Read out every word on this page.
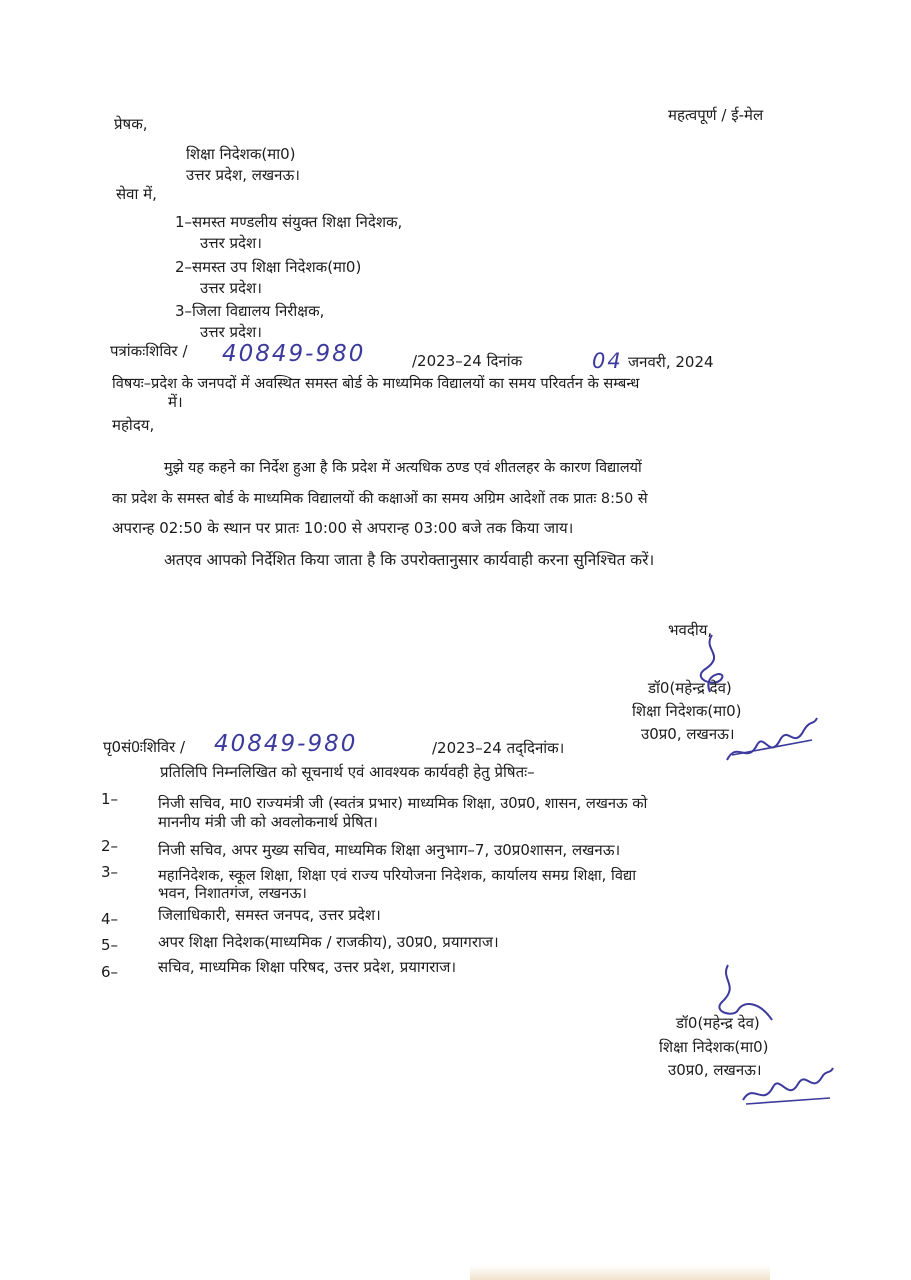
महत्वपूर्ण / ई-मेल
प्रेषक,
शिक्षा निदेशक(मा0)
उत्तर प्रदेश, लखनऊ।
सेवा में,
1–समस्त मण्डलीय संयुक्त शिक्षा निदेशक,
उत्तर प्रदेश।
2–समस्त उप शिक्षा निदेशक(मा0)
उत्तर प्रदेश।
3–जिला विद्यालय निरीक्षक,
उत्तर प्रदेश।
पत्रांकःशिविर / 40849-980	/2023–24 दिनांक	04 जनवरी, 2024
विषयः–प्रदेश के जनपदों में अवस्थित समस्त बोर्ड के माध्यमिक विद्यालयों का समय परिवर्तन के सम्बन्ध
में।
महोदय,
मुझे यह कहने का निर्देश हुआ है कि प्रदेश में अत्यधिक ठण्ड एवं शीतलहर के कारण विद्यालयों
का प्रदेश के समस्त बोर्ड के माध्यमिक विद्यालयों की कक्षाओं का समय अग्रिम आदेशों तक प्रातः 8:50 से
अपरान्ह 02:50 के स्थान पर प्रातः 10:00 से अपरान्ह 03:00 बजे तक किया जाय।
अतएव आपको निर्देशित किया जाता है कि उपरोक्तानुसार कार्यवाही करना सुनिश्चित करें।
भवदीय,
डॉ0(महेन्द्र देव)
शिक्षा निदेशक(मा0)
उ0प्र0, लखनऊ।
पृ0सं0ःशिविर / 40849-980	/2023–24 तद्‌दिनांक।
प्रतिलिपि निम्नलिखित को सूचनार्थ एवं आवश्यक कार्यवही हेतु प्रेषितः–
1–	निजी सचिव, मा0 राज्यमंत्री जी (स्वतंत्र प्रभार) माध्यमिक शिक्षा, उ0प्र0, शासन, लखनऊ को
माननीय मंत्री जी को अवलोकनार्थ प्रेषित।
2–	निजी सचिव, अपर मुख्य सचिव, माध्यमिक शिक्षा अनुभाग–7, उ0प्र0शासन, लखनऊ।
3–	महानिदेशक, स्कूल शिक्षा, शिक्षा एवं राज्य परियोजना निदेशक, कार्यालय समग्र शिक्षा, विद्या
भवन, निशातगंज, लखनऊ।
4–	जिलाधिकारी, समस्त जनपद, उत्तर प्रदेश।
5–	अपर शिक्षा निदेशक(माध्यमिक / राजकीय), उ0प्र0, प्रयागराज।
6–	सचिव, माध्यमिक शिक्षा परिषद, उत्तर प्रदेश, प्रयागराज।
डॉ0(महेन्द्र देव)
शिक्षा निदेशक(मा0)
उ0प्र0, लखनऊ।
